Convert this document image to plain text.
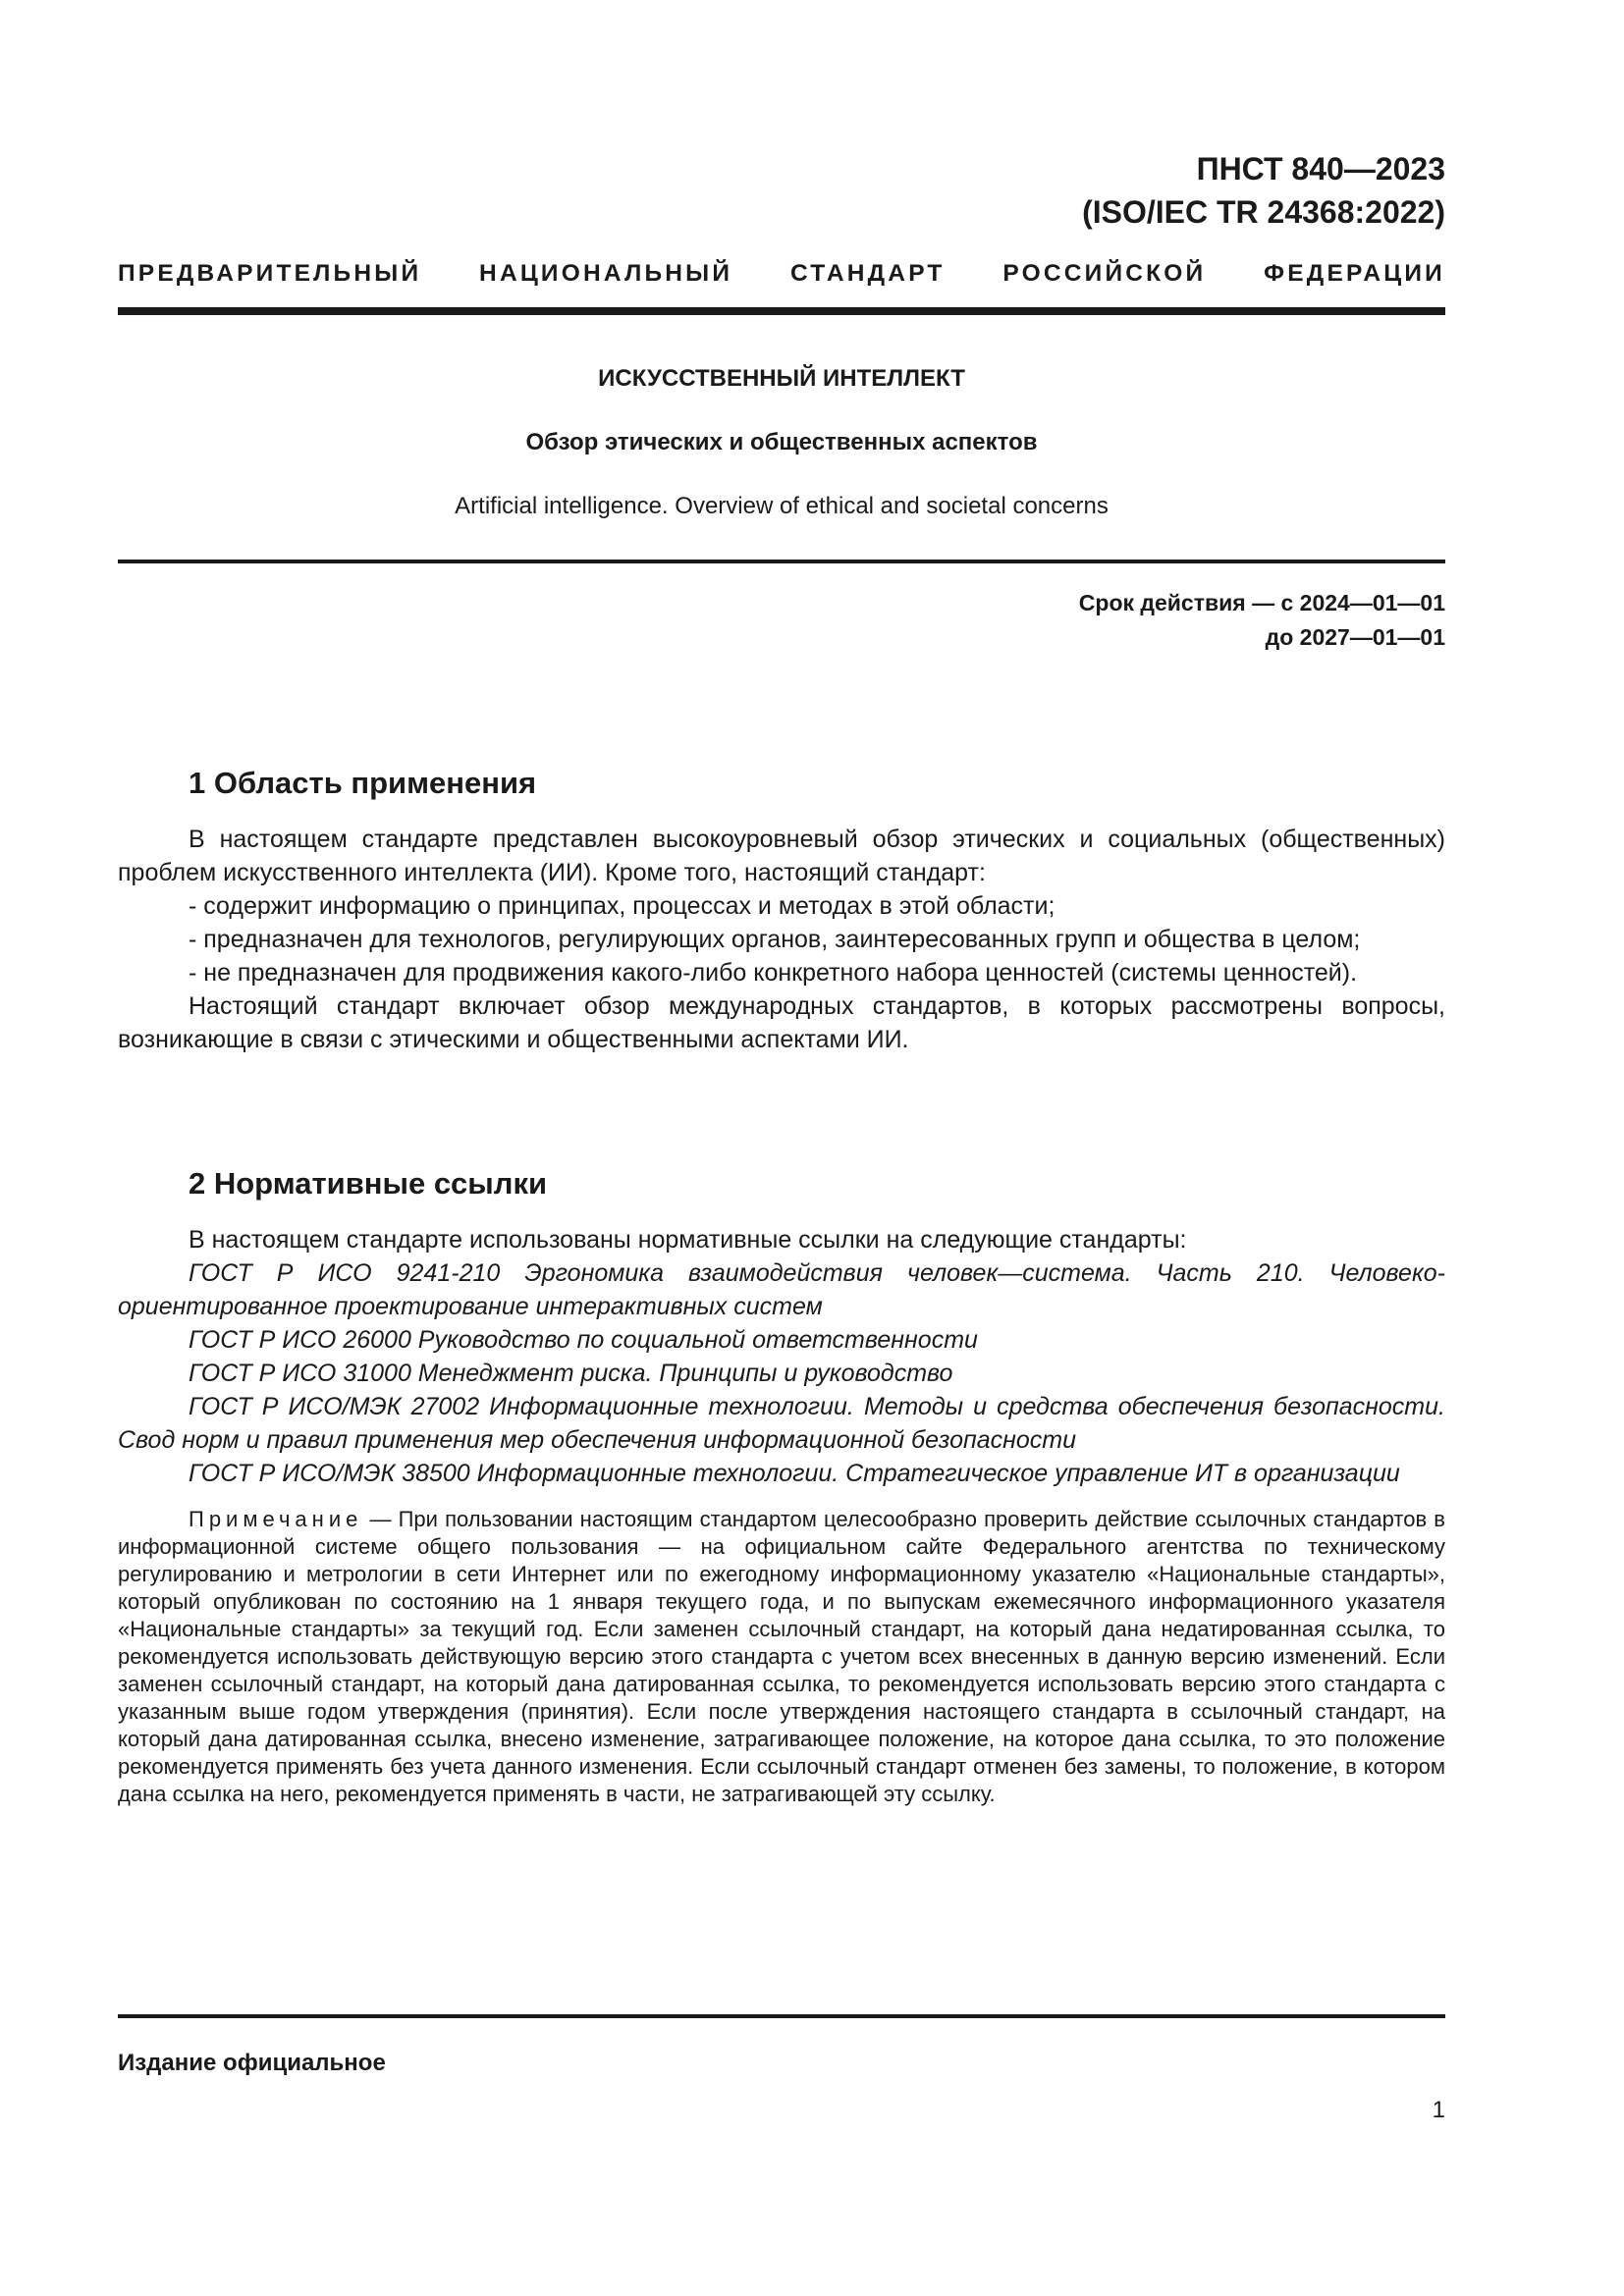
ПНСТ 840—2023
(ISO/IEC TR 24368:2022)
ПРЕДВАРИТЕЛЬНЫЙ НАЦИОНАЛЬНЫЙ СТАНДАРТ РОССИЙСКОЙ ФЕДЕРАЦИИ
ИСКУССТВЕННЫЙ ИНТЕЛЛЕКТ
Обзор этических и общественных аспектов
Artificial intelligence. Overview of ethical and societal concerns
Срок действия — с 2024—01—01
до 2027—01—01
1 Область применения

В настоящем стандарте представлен высокоуровневый обзор этических и социальных (общественных) проблем искусственного интеллекта (ИИ). Кроме того, настоящий стандарт:

- содержит информацию о принципах, процессах и методах в этой области;

- предназначен для технологов, регулирующих органов, заинтересованных групп и общества в целом;

- не предназначен для продвижения какого-либо конкретного набора ценностей (системы ценностей).

Настоящий стандарт включает обзор международных стандартов, в которых рассмотрены вопросы, возникающие в связи с этическими и общественными аспектами ИИ.

2 Нормативные ссылки

В настоящем стандарте использованы нормативные ссылки на следующие стандарты:

ГОСТ Р ИСО 9241-210 Эргономика взаимодействия человек—система. Часть 210. Человеко-ориентированное проектирование интерактивных систем

ГОСТ Р ИСО 26000 Руководство по социальной ответственности

ГОСТ Р ИСО 31000 Менеджмент риска. Принципы и руководство

ГОСТ Р ИСО/МЭК 27002 Информационные технологии. Методы и средства обеспечения безопасности. Свод норм и правил применения мер обеспечения информационной безопасности

ГОСТ Р ИСО/МЭК 38500 Информационные технологии. Стратегическое управление ИТ в организации

Примечание — При пользовании настоящим стандартом целесообразно проверить действие ссылочных стандартов в информационной системе общего пользования — на официальном сайте Федерального агентства по техническому регулированию и метрологии в сети Интернет или по ежегодному информационному указателю «Национальные стандарты», который опубликован по состоянию на 1 января текущего года, и по выпускам ежемесячного информационного указателя «Национальные стандарты» за текущий год. Если заменен ссылочный стандарт, на который дана недатированная ссылка, то рекомендуется использовать действующую версию этого стандарта с учетом всех внесенных в данную версию изменений. Если заменен ссылочный стандарт, на который дана датированная ссылка, то рекомендуется использовать версию этого стандарта с указанным выше годом утверждения (принятия). Если после утверждения настоящего стандарта в ссылочный стандарт, на который дана датированная ссылка, внесено изменение, затрагивающее положение, на которое дана ссылка, то это положение рекомендуется применять без учета данного изменения. Если ссылочный стандарт отменен без замены, то положение, в котором дана ссылка на него, рекомендуется применять в части, не затрагивающей эту ссылку.

Издание официальное
1
